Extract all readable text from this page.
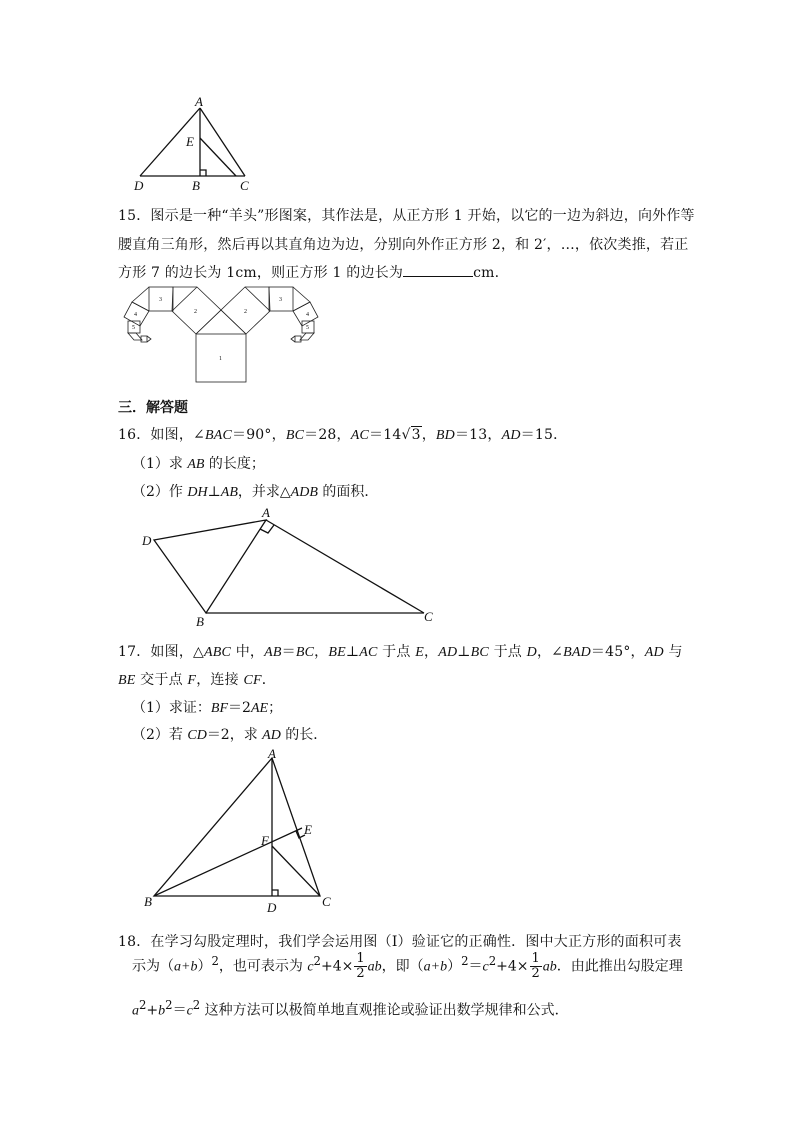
A
E
D	B	C
15．图示是一种“羊头”形图案，其作法是，从正方形 1 开始，以它的一边为斜边，向外作等
腰直角三角形，然后再以其直角边为边，分别向外作正方形 2，和 2′，…，依次类推，若正
方形 7 的边长为 1cm，则正方形 1 的边长为	cm.
1
2	2
3	3
4	4
5	5
三．解答题
16．如图，∠BAC＝90°，BC＝28，AC＝14√3，BD＝13，AD＝15．
（1）求 AB 的长度；
（2）作 DH⊥AB，并求△ADB 的面积．
A
D
B	C
17．如图，△ABC 中，AB＝BC，BE⊥AC 于点 E，AD⊥BC 于点 D，∠BAD＝45°，AD 与
BE 交于点 F，连接 CF．
（1）求证：BF＝2AE；
（2）若 CD＝2，求 AD 的长．
A
E
F
B	D	C
18．在学习勾股定理时，我们学会运用图（Ⅰ）验证它的正确性．图中大正方形的面积可表
示为$(a+b)^2$，也可表示为 $c^2+4\times \frac{1}{2}$ ab，即$(a+b)^2=c^2+4\times \frac{1}{2}$ ab．由此推出勾股定理
$a^2+b^2=c^2$ 这种方法可以极简单地直观推论或验证出数学规律和公式．
